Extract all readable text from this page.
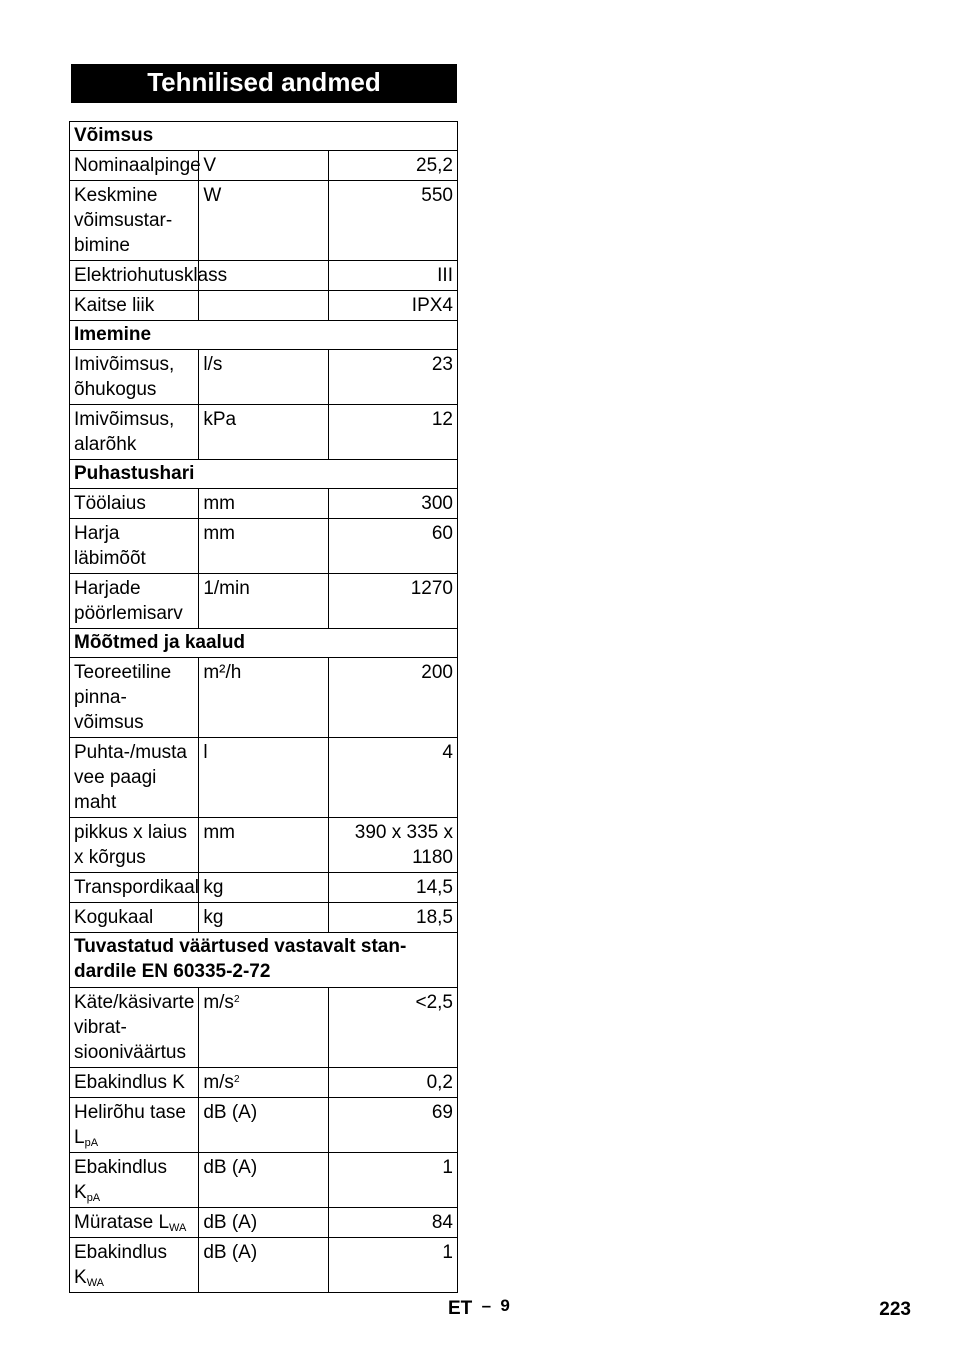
Tehnilised andmed
Võimsus		
Nominaalpinge	V	25,2
Keskmine võimsustar- bimine	W	550
Elektriohutusklass		III
Kaitse liik		IPX4
Imemine		
Imivõimsus, õhukogus	l/s	23
Imivõimsus, alarõhk	kPa	12
Puhastushari		
Töölaius	mm	300
Harja läbimõõt	mm	60
Harjade pöörlemisarv	1/min	1270
Mõõtmed ja kaalud		
Teoreetiline pinna- võimsus	m²/h	200
Puhta-/musta vee paagi maht	l	4
pikkus x laius x kõrgus	mm	390 x 335 x 1180
Transpordikaal	kg	14,5
Kogukaal	kg	18,5
Tuvastatud väärtused vastavalt stan- dardile EN 60335-2-72		
Käte/käsivarte vibrat- siooniväärtus	$m/s^2$	<2,5
Ebakindlus K	$m/s^2$	0,2
Helirõhu tase $L_{pA}$	dB (A)	69
Ebakindlus $K_{pA}$	dB (A)	1
Müratase $L_{WA}$	dB (A)	84
Ebakindlus $K_{WA}$	dB (A)	1
ET – 9	223
